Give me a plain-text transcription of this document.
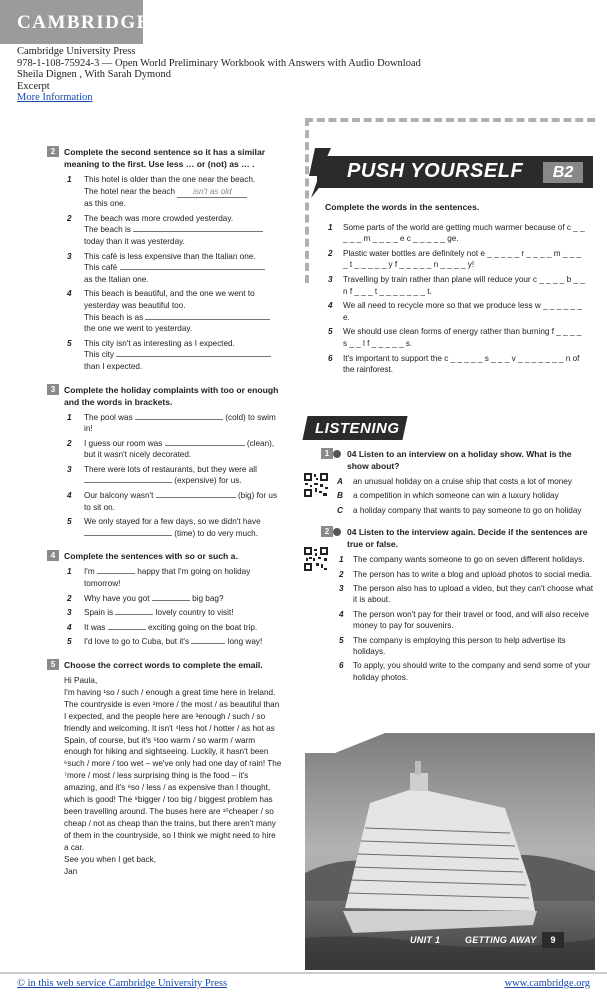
CAMBRIDGE
Cambridge University Press
978-1-108-75924-3 — Open World Preliminary Workbook with Answers with Audio Download
Sheila Dignen , With Sarah Dymond
Excerpt
More Information
2	Complete the second sentence so it has a similar meaning to the first. Use less … or (not) as … .
1 This hotel is older than the one near the beach.
The hotel near the beach isn't as old
as this one.
2 The beach was more crowded yesterday.
The beach is
today than it was yesterday.
3 This café is less expensive than the Italian one.
This café
as the Italian one.
4 This beach is beautiful, and the one we went to yesterday was beautiful too.
This beach is as
the one we went to yesterday.
5 This city isn't as interesting as I expected.
This city
than I expected.
3	Complete the holiday complaints with too or enough and the words in brackets.
1 The pool was	(cold) to swim in!
2 I guess our room was	(clean), but it wasn't nicely decorated.
3 There were lots of restaurants, but they were all  (expensive) for us.
4 Our balcony wasn't	(big) for us to sit on.
5 We only stayed for a few days, so we didn't have  (time) to do very much.
4	Complete the sentences with so or such a.
1 I'm	happy that I'm going on holiday tomorrow!
2 Why have you got	big bag?
3 Spain is	lovely country to visit!
4 It was	exciting going on the boat trip.
5 I'd love to go to Cuba, but it's	long way!
5	Choose the correct words to complete the email.
Hi Paula,
I'm having ¹so / such / enough a great time here in Ireland. The countryside is even ²more / the most / as beautiful than I expected, and the people here are ³enough / such / so friendly and welcoming. It isn't ⁴less hot / hotter / as hot as Spain, of course, but it's ⁵too warm / so warm / warm enough for hiking and sightseeing. Luckily, it hasn't been ⁶such / more / too wet – we've only had one day of rain! The ⁷more / most / less surprising thing is the food – it's amazing, and it's ⁸so / less / as expensive than I thought, which is good! The ⁹bigger / too big / biggest problem has been travelling around. The buses here are ¹⁰cheaper / so cheap / not as cheap than the trains, but there aren't many of them in the countryside, so I think we might need to hire a car.
See you when I get back,
Jan
PUSH YOURSELF	B2
Complete the words in the sentences.
1 Some parts of the world are getting much warmer because of c _ _ _ _ _ m _ _ _ _ e c _ _ _ _ _ ge.
2 Plastic water bottles are definitely not e _ _ _ _ _ r _ _ _ _ m _ _ _ _ t _ _ _ _ _ y f _ _ _ _ _ n _ _ _ _ y!
3 Travelling by train rather than plane will reduce your c _ _ _ _ b _ _ n f _ _ _ t _ _ _ _ _ _ _ t.
4 We all need to recycle more so that we produce less w _ _ _ _ _ _ e.
5 We should use clean forms of energy rather than burning f _ _ _ _ s _ _ l f _ _ _ _ _ s.
6 It's important to support the c _ _ _ _ _ s _ _ _ v _ _ _ _ _ _ _ n of the rainforest.
LISTENING
1	04 Listen to an interview on a holiday show. What is the show about?
A an unusual holiday on a cruise ship that costs a lot of money
B a competition in which someone can win a luxury holiday
C a holiday company that wants to pay someone to go on holiday
2	04 Listen to the interview again. Decide if the sentences are true or false.
1 The company wants someone to go on seven different holidays.
2 The person has to write a blog and upload photos to social media.
3 The person also has to upload a video, but they can't choose what it is about.
4 The person won't pay for their travel or food, and will also receive money to pay for souvenirs.
5 The company is employing this person to help advertise its holidays.
6 To apply, you should write to the company and send some of your holiday photos.
UNIT 1	GETTING AWAY	9
© in this web service Cambridge University Press	www.cambridge.org
